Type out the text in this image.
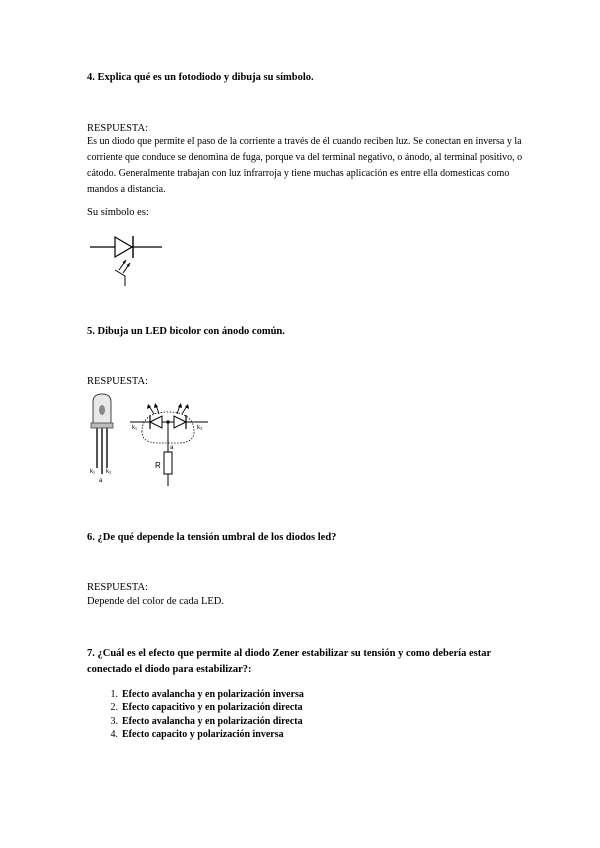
4. Explica qué es un fotodiodo y dibuja su símbolo.
RESPUESTA:
Es un diodo que permite el paso de la corriente a través de él cuando reciben luz. Se conectan en inversa y la corriente que conduce se denomina de fuga, porque va del terminal negativo, o ánodo, al terminal positivo, o cátodo. Generalmente trabajan con luz infrarroja y tiene muchas aplicación es entre ella domesticas como mandos a distancia.
Su símbolo es:
5. Dibuja un LED bicolor con ánodo común.
RESPUESTA:
k₁ k₂
a
k₁	k₂
a
R
6. ¿De qué depende la tensión umbral de los diodos led?
RESPUESTA:
Depende del color de cada LED.
7. ¿Cuál es el efecto que permite al diodo Zener estabilizar su tensión y como debería estar conectado el diodo para estabilizar?:
1. Efecto avalancha y en polarización inversa
2. Efecto capacitivo y en polarización directa
3. Efecto avalancha y en polarización directa
4. Efecto capacito y polarización inversa
